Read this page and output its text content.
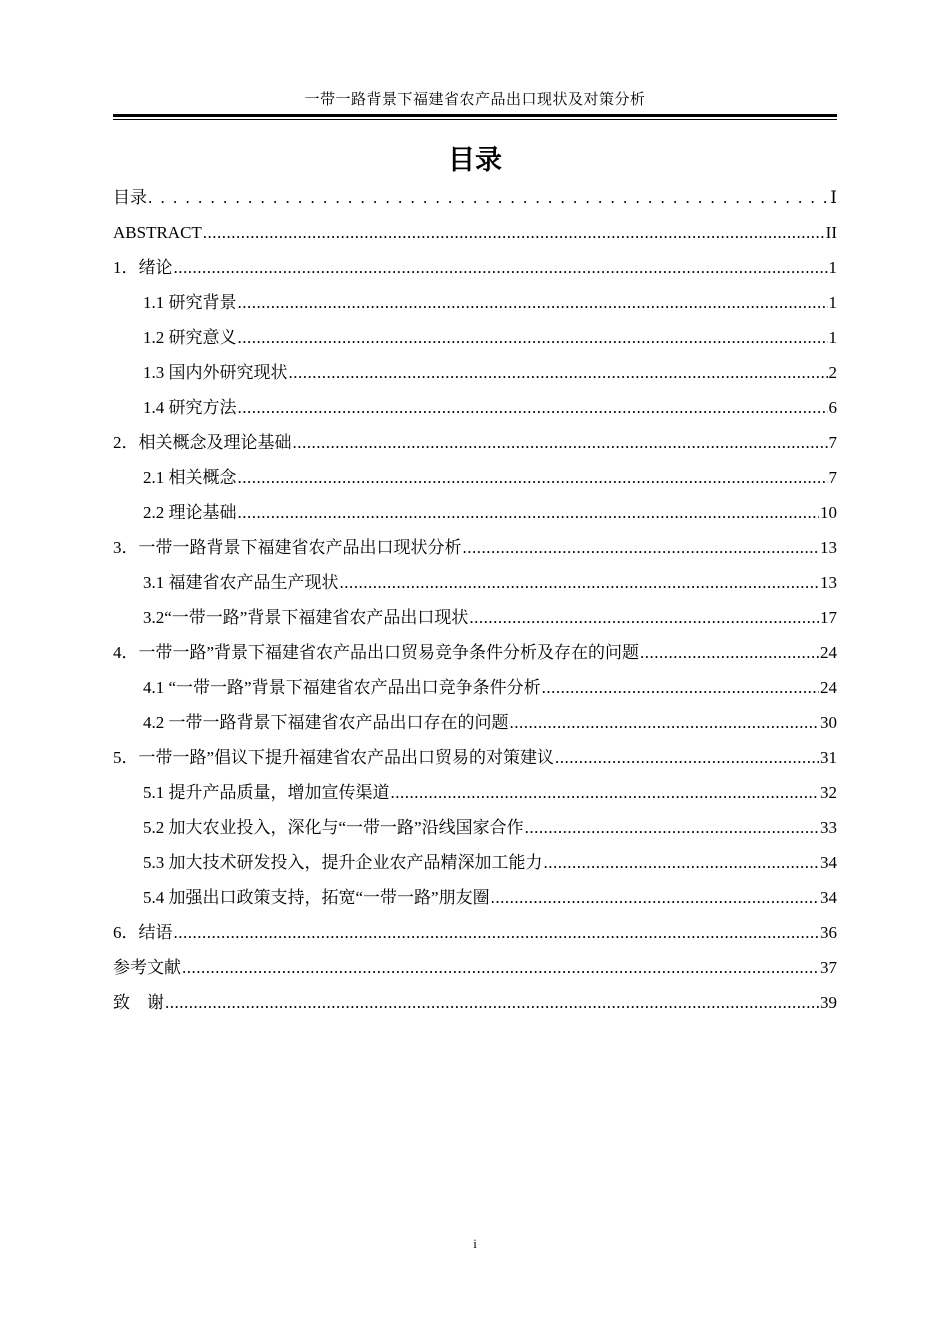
一带一路背景下福建省农产品出口现状及对策分析
目录
目录 . . .	Ⅰ
ABSTRACT .....	II
1．绪论 .....	1
1.1 研究背景 .....	1
1.2 研究意义 .....	1
1.3 国内外研究现状 .....	2
1.4 研究方法 .....	6
2．相关概念及理论基础 .....	7
2.1 相关概念 .....	7
2.2 理论基础 .....	10
3．一带一路背景下福建省农产品出口现状分析 .....	13
3.1 福建省农产品生产现状 .....	13
3.2“一带一路”背景下福建省农产品出口现状 .....	17
4．一带一路”背景下福建省农产品出口贸易竞争条件分析及存在的问题 .....	24
4.1 “一带一路”背景下福建省农产品出口竞争条件分析 .....	24
4.2 一带一路背景下福建省农产品出口存在的问题 .....	30
5．一带一路”倡议下提升福建省农产品出口贸易的对策建议 .....	31
5.1 提升产品质量，增加宣传渠道 .....	32
5.2 加大农业投入，深化与“一带一路”沿线国家合作 .....	33
5.3 加大技术研发投入，提升企业农产品精深加工能力 .....	34
5.4 加强出口政策支持，拓宽“一带一路”朋友圈 .....	34
6．结语 .....	36
参考文献 .....	37
致　谢 .....	39
i
